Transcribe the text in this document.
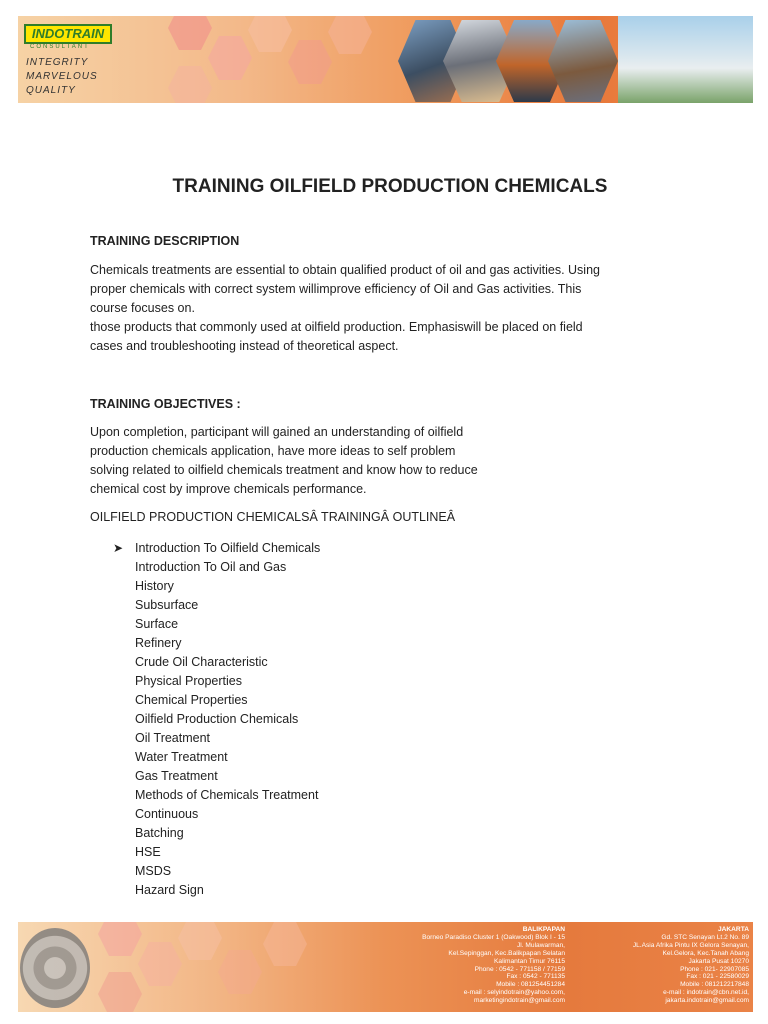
INDOTRAIN
CONSULTANT
INTEGRITY
MARVELOUS
QUALITY
TRAINING OILFIELD PRODUCTION CHEMICALS
TRAINING DESCRIPTION
Chemicals treatments are essential to obtain qualified product of oil and gas activities. Using
proper chemicals with correct system willimprove efficiency of Oil and Gas activities. This
course focuses on.
those products that commonly used at oilfield production. Emphasiswill be placed on field
cases and troubleshooting instead of theoretical aspect.
TRAINING OBJECTIVES :
Upon completion, participant will gained an understanding of oilfield
production chemicals application, have more ideas to self problem
solving related to oilfield chemicals treatment and know how to reduce
chemical cost by improve chemicals performance.
OILFIELD PRODUCTION CHEMICALSÂ TRAININGÂ OUTLINEÂ
➤ Introduction To Oilfield Chemicals
Introduction To Oil and Gas
History
Subsurface
Surface
Refinery
Crude Oil Characteristic
Physical Properties
Chemical Properties
Oilfield Production Chemicals
Oil Treatment
Water Treatment
Gas Treatment
Methods of Chemicals Treatment
Continuous
Batching
HSE
MSDS
Hazard Sign
BALIKPAPAN
Borneo Paradiso Cluster 1 (Oakwood) Blok I - 15
Jl. Mulawarman,
Kel.Sepinggan, Kec.Balikpapan Selatan
Kalimantan Timur 76115
Phone : 0542 - 771158 / 77159
Fax : 0542 - 771135
Mobile : 081254451284
e-mail : selyindotrain@yahoo.com,
marketingindotrain@gmail.com
JAKARTA
Gd. STC Senayan Lt.2 No. 89
JL.Asia Afrika Pintu IX Gelora Senayan,
Kel.Gelora, Kec.Tanah Abang
Jakarta Pusat 10270
Phone : 021- 22907085
Fax : 021 - 22580029
Mobile : 081212217848
e-mail : indotrain@cbn.net.id,
jakarta.indotrain@gmail.com
